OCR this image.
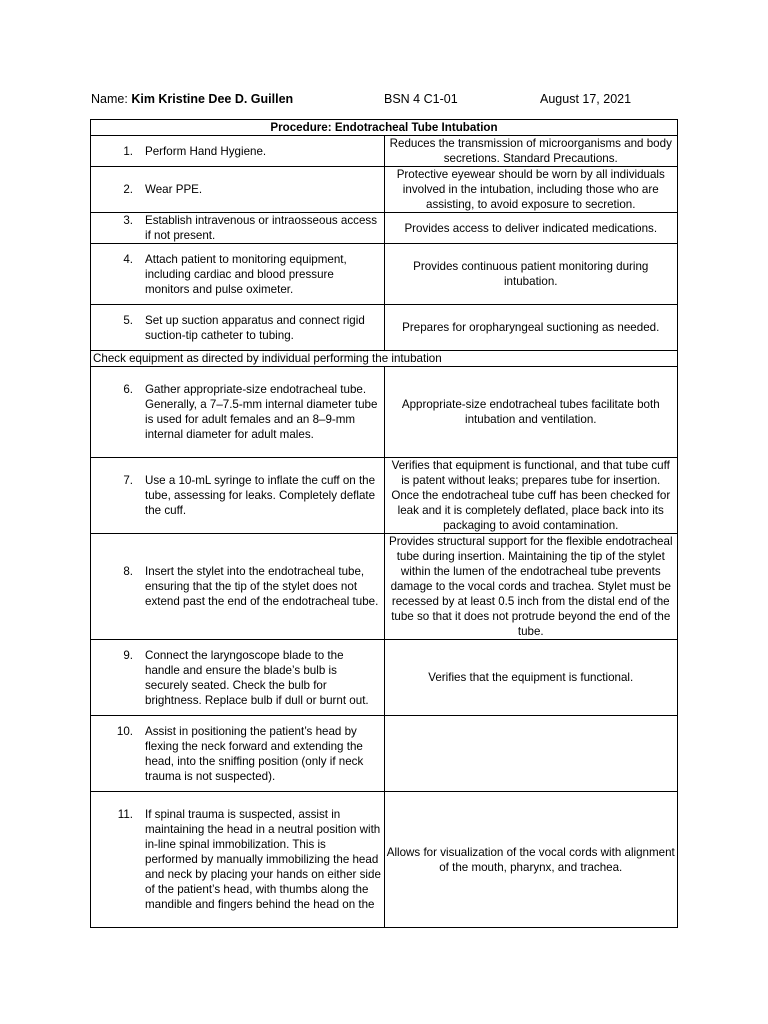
Name: Kim Kristine Dee D. Guillen	BSN 4 C1-01	August 17, 2021
Procedure: Endotracheal Tube Intubation	

1. Perform Hand Hygiene.	Reduces the transmission of microorganisms and body secretions. Standard Precautions.

2. Wear PPE.	Protective eyewear should be worn by all individuals involved in the intubation, including those who are assisting, to avoid exposure to secretion.

3. Establish intravenous or intraosseous access if not present.	Provides access to deliver indicated medications.

4. Attach patient to monitoring equipment, including cardiac and blood pressure monitors and pulse oximeter.	Provides continuous patient monitoring during intubation.

5. Set up suction apparatus and connect rigid suction-tip catheter to tubing.	Prepares for oropharyngeal suctioning as needed.
Check equipment as directed by individual performing the intubation	

6. Gather appropriate-size endotracheal tube. Generally, a 7–7.5-mm internal diameter tube is used for adult females and an 8–9-mm internal diameter for adult males.	Appropriate-size endotracheal tubes facilitate both intubation and ventilation.

7. Use a 10-mL syringe to inflate the cuff on the tube, assessing for leaks. Completely deflate the cuff.	Verifies that equipment is functional, and that tube cuff is patent without leaks; prepares tube for insertion. Once the endotracheal tube cuff has been checked for leak and it is completely deflated, place back into its packaging to avoid contamination.

8. Insert the stylet into the endotracheal tube, ensuring that the tip of the stylet does not extend past the end of the endotracheal tube.	Provides structural support for the flexible endotracheal tube during insertion. Maintaining the tip of the stylet within the lumen of the endotracheal tube prevents damage to the vocal cords and trachea. Stylet must be recessed by at least 0.5 inch from the distal end of the tube so that it does not protrude beyond the end of the tube.

9. Connect the laryngoscope blade to the handle and ensure the blade’s bulb is securely seated. Check the bulb for brightness. Replace bulb if dull or burnt out.	Verifies that the equipment is functional.

10. Assist in positioning the patient’s head by flexing the neck forward and extending the head, into the sniffing position (only if neck trauma is not suspected).	

11. If spinal trauma is suspected, assist in maintaining the head in a neutral position with in-line spinal immobilization. This is performed by manually immobilizing the head and neck by placing your hands on either side of the patient’s head, with thumbs along the mandible and fingers behind the head on the	Allows for visualization of the vocal cords with alignment of the mouth, pharynx, and trachea.
